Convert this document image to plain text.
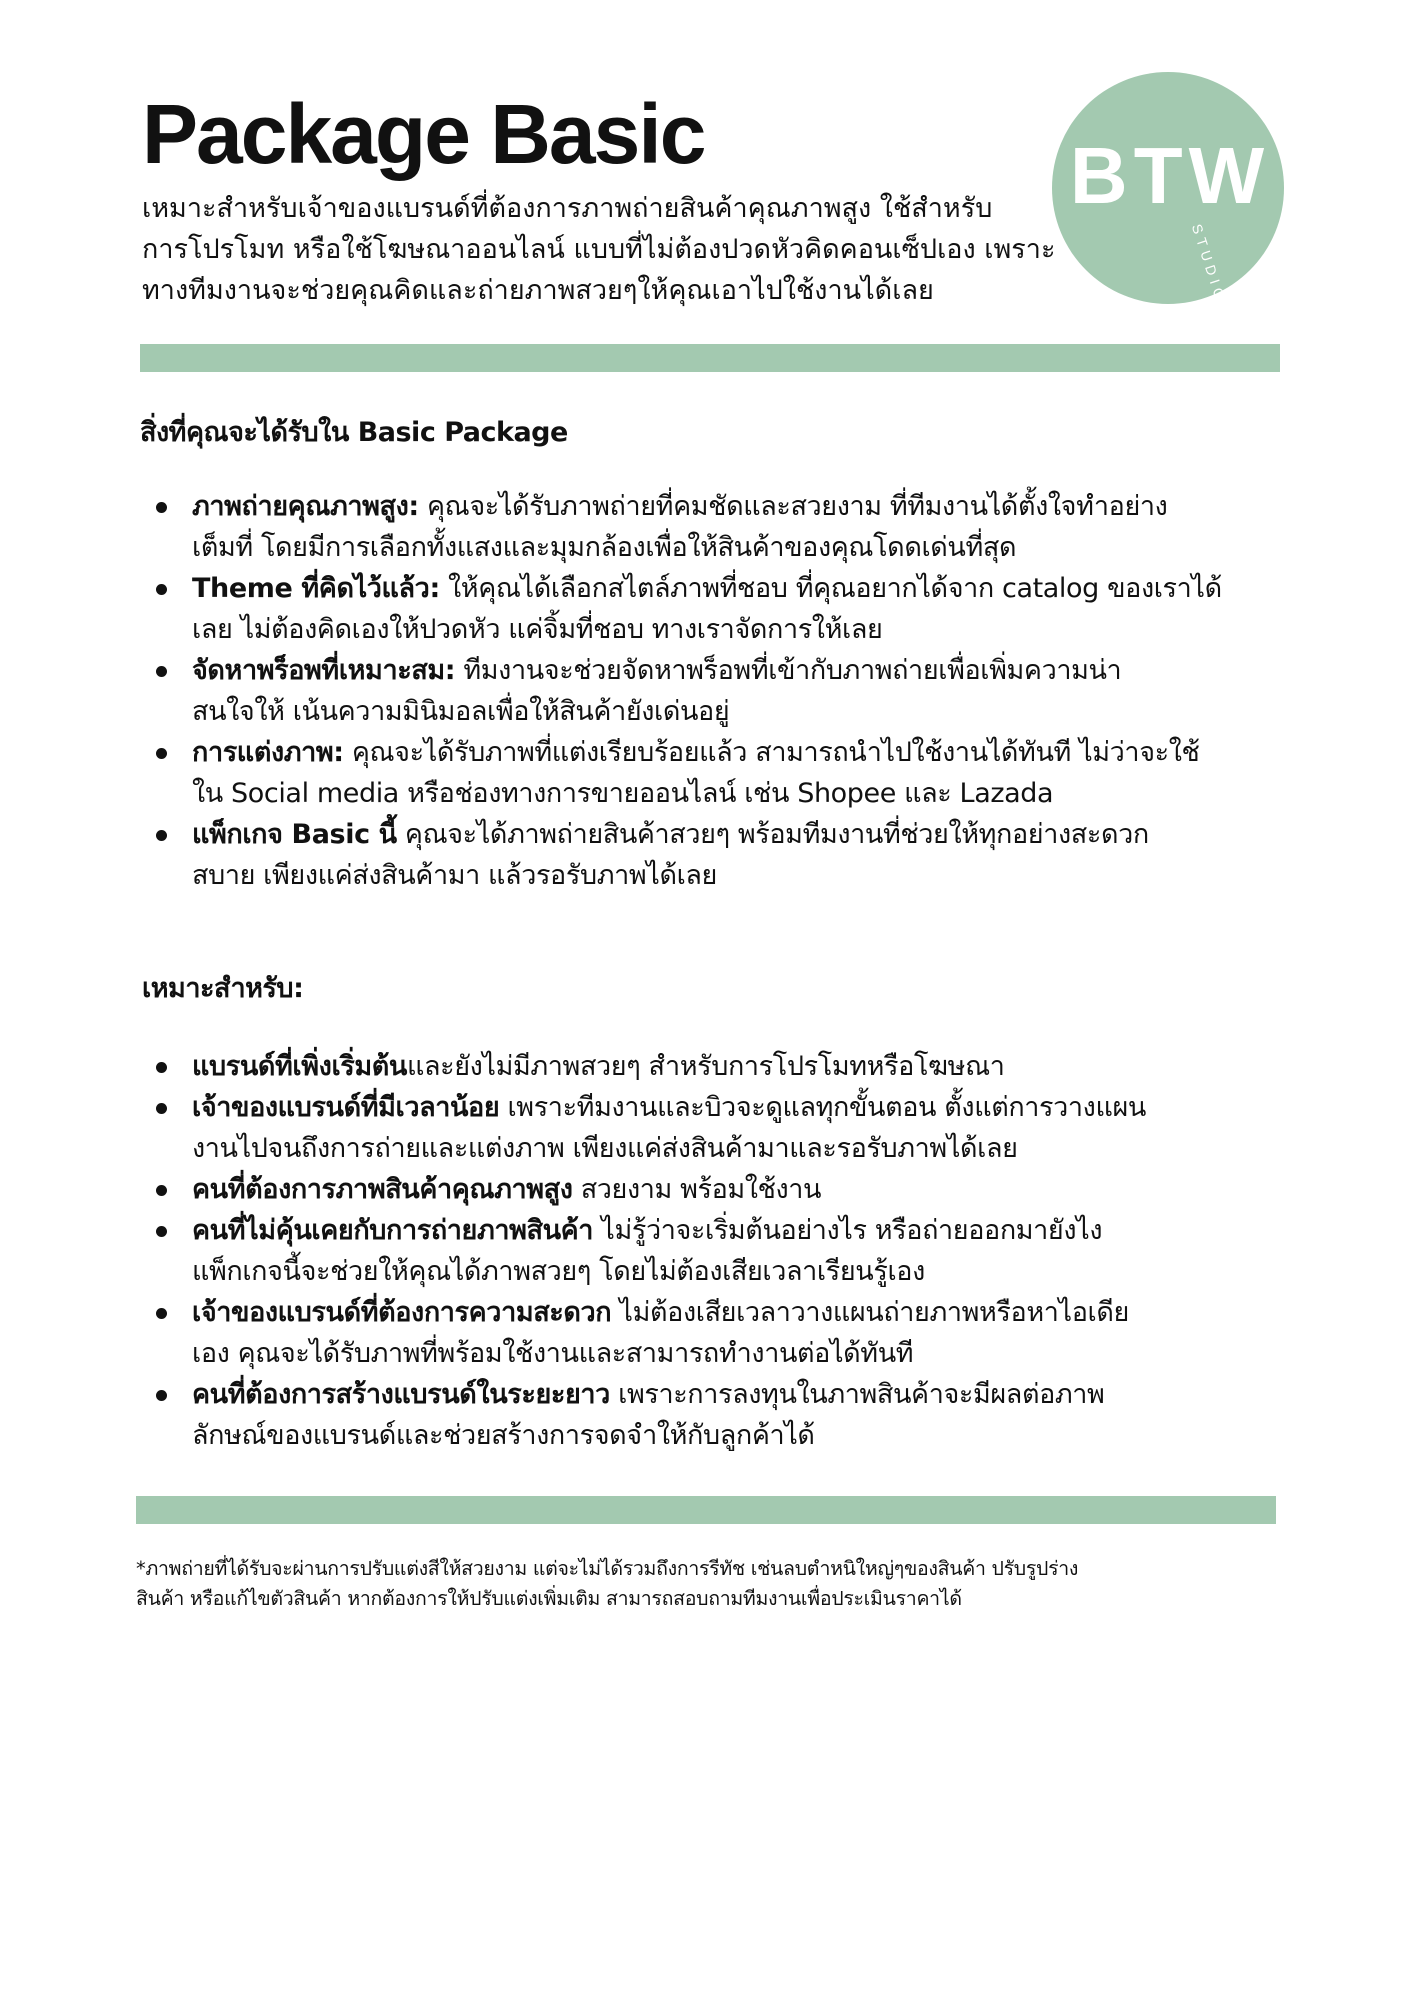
Package Basic

เหมาะสำหรับเจ้าของแบรนด์ที่ต้องการภาพถ่ายสินค้าคุณภาพสูง ใช้สำหรับ
การโปรโมท หรือใช้โฆษณาออนไลน์ แบบที่ไม่ต้องปวดหัวคิดคอนเซ็ปเอง เพราะ
ทางทีมงานจะช่วยคุณคิดและถ่ายภาพสวยๆให้คุณเอาไปใช้งานได้เลย

BTW
STUDIO
สิ่งที่คุณจะได้รับใน Basic Package
ภาพถ่ายคุณภาพสูง: คุณจะได้รับภาพถ่ายที่คมชัดและสวยงาม ที่ทีมงานได้ตั้งใจทำอย่าง
เต็มที่ โดยมีการเลือกทั้งแสงและมุมกล้องเพื่อให้สินค้าของคุณโดดเด่นที่สุด
Theme ที่คิดไว้แล้ว: ให้คุณได้เลือกสไตล์ภาพที่ชอบ ที่คุณอยากได้จาก catalog ของเราได้
เลย ไม่ต้องคิดเองให้ปวดหัว แค่จิ้มที่ชอบ ทางเราจัดการให้เลย
จัดหาพร็อพที่เหมาะสม: ทีมงานจะช่วยจัดหาพร็อพที่เข้ากับภาพถ่ายเพื่อเพิ่มความน่า
สนใจให้ เน้นความมินิมอลเพื่อให้สินค้ายังเด่นอยู่
การแต่งภาพ: คุณจะได้รับภาพที่แต่งเรียบร้อยแล้ว สามารถนำไปใช้งานได้ทันที ไม่ว่าจะใช้
ใน Social media หรือช่องทางการขายออนไลน์ เช่น Shopee และ Lazada
แพ็กเกจ Basic นี้ คุณจะได้ภาพถ่ายสินค้าสวยๆ พร้อมทีมงานที่ช่วยให้ทุกอย่างสะดวก
สบาย เพียงแค่ส่งสินค้ามา แล้วรอรับภาพได้เลย
เหมาะสำหรับ:
แบรนด์ที่เพิ่งเริ่มต้นและยังไม่มีภาพสวยๆ สำหรับการโปรโมทหรือโฆษณา
เจ้าของแบรนด์ที่มีเวลาน้อย เพราะทีมงานและบิวจะดูแลทุกขั้นตอน ตั้งแต่การวางแผน
งานไปจนถึงการถ่ายและแต่งภาพ เพียงแค่ส่งสินค้ามาและรอรับภาพได้เลย
คนที่ต้องการภาพสินค้าคุณภาพสูง สวยงาม พร้อมใช้งาน
คนที่ไม่คุ้นเคยกับการถ่ายภาพสินค้า ไม่รู้ว่าจะเริ่มต้นอย่างไร หรือถ่ายออกมายังไง
แพ็กเกจนี้จะช่วยให้คุณได้ภาพสวยๆ โดยไม่ต้องเสียเวลาเรียนรู้เอง
เจ้าของแบรนด์ที่ต้องการความสะดวก ไม่ต้องเสียเวลาวางแผนถ่ายภาพหรือหาไอเดีย
เอง คุณจะได้รับภาพที่พร้อมใช้งานและสามารถทำงานต่อได้ทันที
คนที่ต้องการสร้างแบรนด์ในระยะยาว เพราะการลงทุนในภาพสินค้าจะมีผลต่อภาพ
ลักษณ์ของแบรนด์และช่วยสร้างการจดจำให้กับลูกค้าได้

*ภาพถ่ายที่ได้รับจะผ่านการปรับแต่งสีให้สวยงาม แต่จะไม่ได้รวมถึงการรีทัช เช่นลบตำหนิใหญ่ๆของสินค้า ปรับรูปร่าง
สินค้า หรือแก้ไขตัวสินค้า หากต้องการให้ปรับแต่งเพิ่มเติม สามารถสอบถามทีมงานเพื่อประเมินราคาได้
